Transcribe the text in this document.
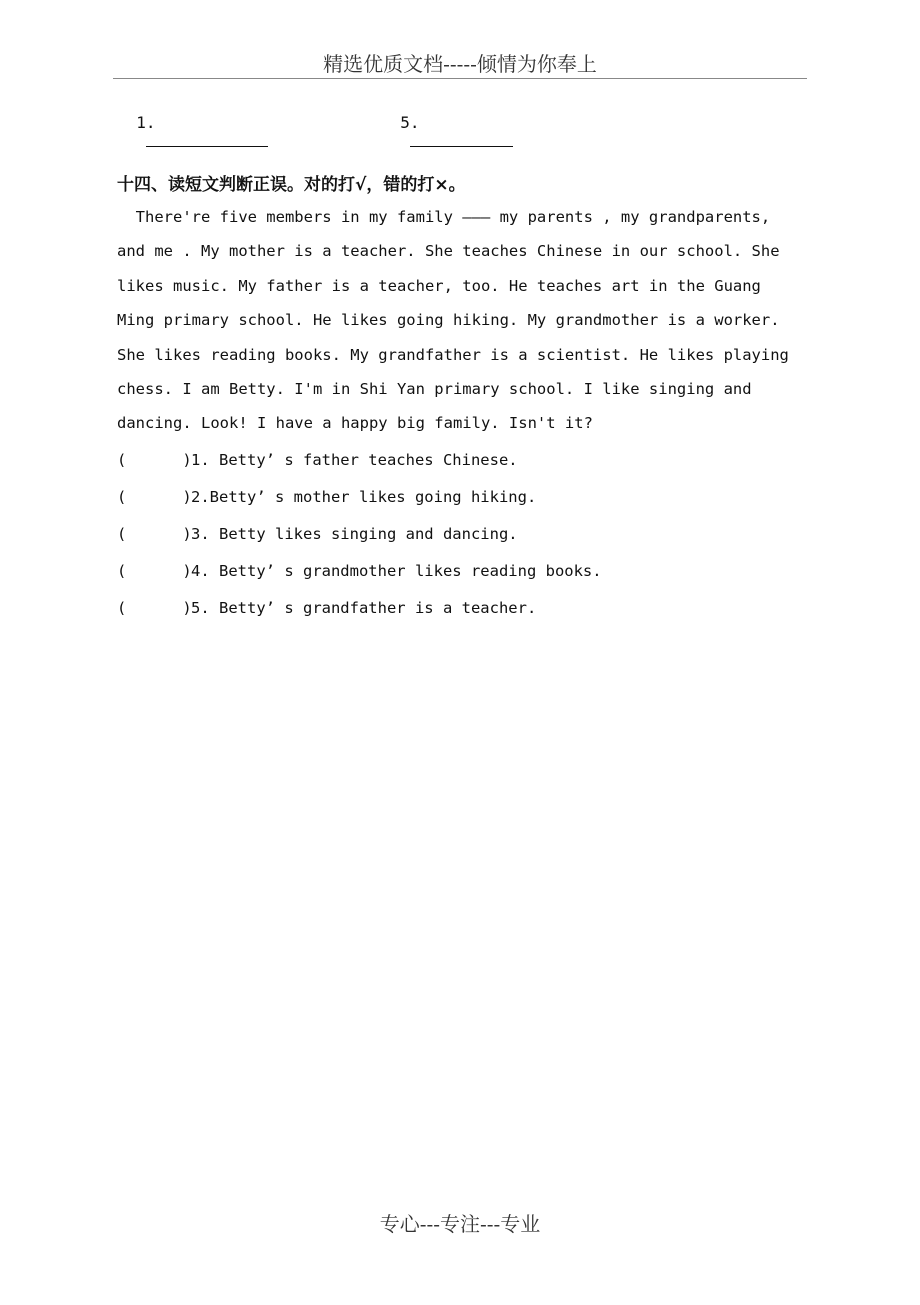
精选优质文档-----倾情为你奉上

1.
	5.

十四、读短文判断正误。对的打√，错的打×。
There're five members in my family ——— my parents , my grandparents,
and me . My mother is a teacher. She teaches Chinese in our school. She
likes music. My father is a teacher, too. He teaches art in the Guang
Ming primary school. He likes going hiking. My grandmother is a worker.
She likes reading books. My grandfather is a scientist. He likes playing
chess. I am Betty. I'm in Shi Yan primary school. I like singing and
dancing. Look! I have a happy big family. Isn't it?
(      ) 1. Betty’ s father teaches Chinese.
(      ) 2.Betty’ s mother likes going hiking.
(      ) 3. Betty likes singing and dancing.
(      ) 4. Betty’ s grandmother likes reading books.
(      ) 5. Betty’ s grandfather is a teacher.
专心---专注---专业
